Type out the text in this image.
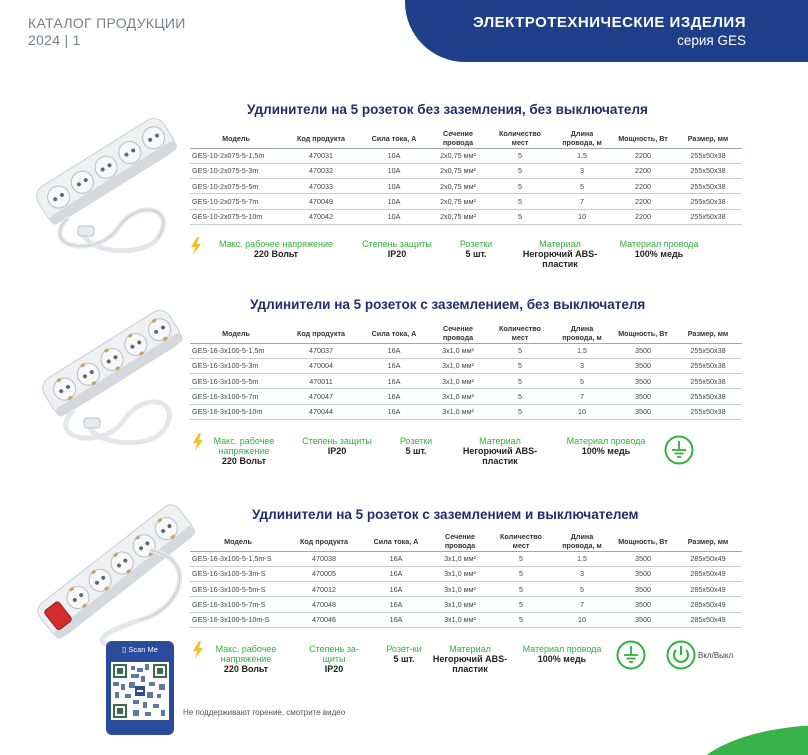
КАТАЛОГ ПРОДУКЦИИ
2024 | 1
ЭЛЕКТРОТЕХНИЧЕСКИЕ ИЗДЕЛИЯ
серия GES
Удлинители на 5 розеток без заземления, без выключателя
Модель	Код продукта	Сила тока, А	Сечение провода	Количество мест	Длина провода, м	Мощность, Вт	Размер, мм
GES-10-2x075-5-1,5m	470031	10А	2х0,75 мм²	5	1,5	2200	255x50x38
GES-10-2x075-5-3m	470032	10А	2х0,75 мм²	5	3	2200	255x50x38
GES-10-2x075-5-5m	470033	10А	2х0,75 мм²	5	5	2200	255x50x38
GES-10-2x075-5-7m	470049	10А	2х0,75 мм²	5	7	2200	255x50x38
GES-10-2x075-5-10m	470042	10А	2х0,75 мм²	5	10	2200	255x50x38
Макс. рабочее напряжение
220 Вольт
Степень защиты
IP20
Розетки
5 шт.
Материал
Негорючий ABS-пластик
Материал провода
100% медь
Удлинители на 5 розеток с заземлением, без выключателя
Модель	Код продукта	Сила тока, А	Сечение провода	Количество мест	Длина провода, м	Мощность, Вт	Размер, мм
GES-16-3x100-5-1,5m	470037	16А	3х1,0 мм²	5	1,5	3500	255x50x38
GES-16-3x100-5-3m	470004	16А	3х1,0 мм²	5	3	3500	255x50x38
GES-16-3x100-5-5m	470011	16А	3х1,0 мм²	5	5	3500	255x50x38
GES-16-3x100-5-7m	470047	16А	3х1,0 мм²	5	7	3500	255x50x38
GES-16-3x100-5-10m	470044	16А	3х1,0 мм²	5	10	3500	255x50x38
Макс. рабочее напряжение
220 Вольт
Степень защиты
IP20
Розетки
5 шт.
Материал
Негорючий ABS-пластик
Материал провода
100% медь
Удлинители на 5 розеток с заземлением и выключателем
Модель	Код продукта	Сила тока, А	Сечение провода	Количество мест	Длина провода, м	Мощность, Вт	Размер, мм
GES-16-3x100-5-1,5m-S	470038	16А	3х1,0 мм²	5	1,5	3500	285x50x49
GES-16-3x100-5-3m-S	470005	16А	3х1,0 мм²	5	3	3500	285x50x49
GES-16-3x100-5-5m-S	470012	16А	3х1,0 мм²	5	5	3500	285x50x49
GES-16-3x100-5-7m-S	470048	16А	3х1,0 мм²	5	7	3500	285x50x49
GES-16-3x100-5-10m-S	470046	16А	3х1,0 мм²	5	10	3500	285x50x49
Макс. рабочее напряжение
220 Вольт
Степень за-щиты
IP20
Розет-ки
5 шт.
Материал
Негорючий ABS-пластик
Материал провода
100% медь	Вкл/Выкл
▯ Scan Me
Не поддерживают горение, смотрите видео
